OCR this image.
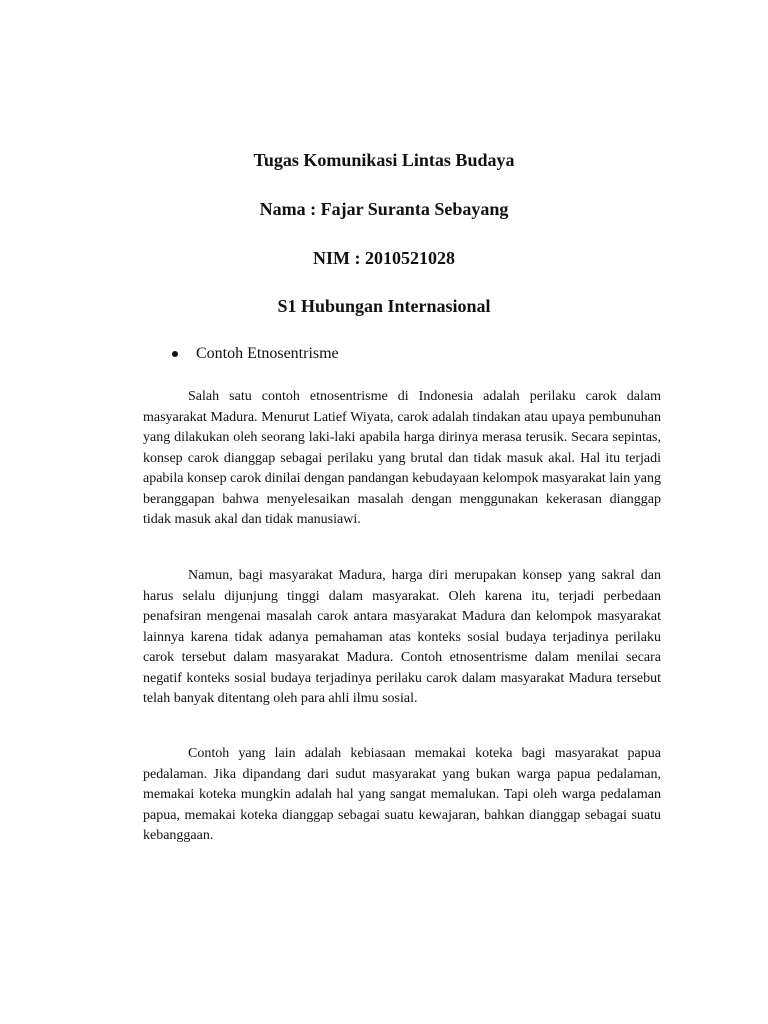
Tugas Komunikasi Lintas Budaya
Nama : Fajar Suranta Sebayang
NIM : 2010521028
S1 Hubungan Internasional
Contoh Etnosentrisme

Salah satu contoh etnosentrisme di Indonesia adalah perilaku carok dalam masyarakat Madura. Menurut Latief Wiyata, carok adalah tindakan atau upaya pembunuhan yang dilakukan oleh seorang laki-laki apabila harga dirinya merasa terusik. Secara sepintas, konsep carok dianggap sebagai perilaku yang brutal dan tidak masuk akal. Hal itu terjadi apabila konsep carok dinilai dengan pandangan kebudayaan kelompok masyarakat lain yang beranggapan bahwa menyelesaikan masalah dengan menggunakan kekerasan dianggap tidak masuk akal dan tidak manusiawi.

Namun, bagi masyarakat Madura, harga diri merupakan konsep yang sakral dan harus selalu dijunjung tinggi dalam masyarakat. Oleh karena itu, terjadi perbedaan penafsiran mengenai masalah carok antara masyarakat Madura dan kelompok masyarakat lainnya karena tidak adanya pemahaman atas konteks sosial budaya terjadinya perilaku carok tersebut dalam masyarakat Madura. Contoh etnosentrisme dalam menilai secara negatif konteks sosial budaya terjadinya perilaku carok dalam masyarakat Madura tersebut telah banyak ditentang oleh para ahli ilmu sosial.

Contoh yang lain adalah kebiasaan memakai koteka bagi masyarakat papua pedalaman. Jika dipandang dari sudut masyarakat yang bukan warga papua pedalaman, memakai koteka mungkin adalah hal yang sangat memalukan. Tapi oleh warga pedalaman papua, memakai koteka dianggap sebagai suatu kewajaran, bahkan dianggap sebagai suatu kebanggaan.
